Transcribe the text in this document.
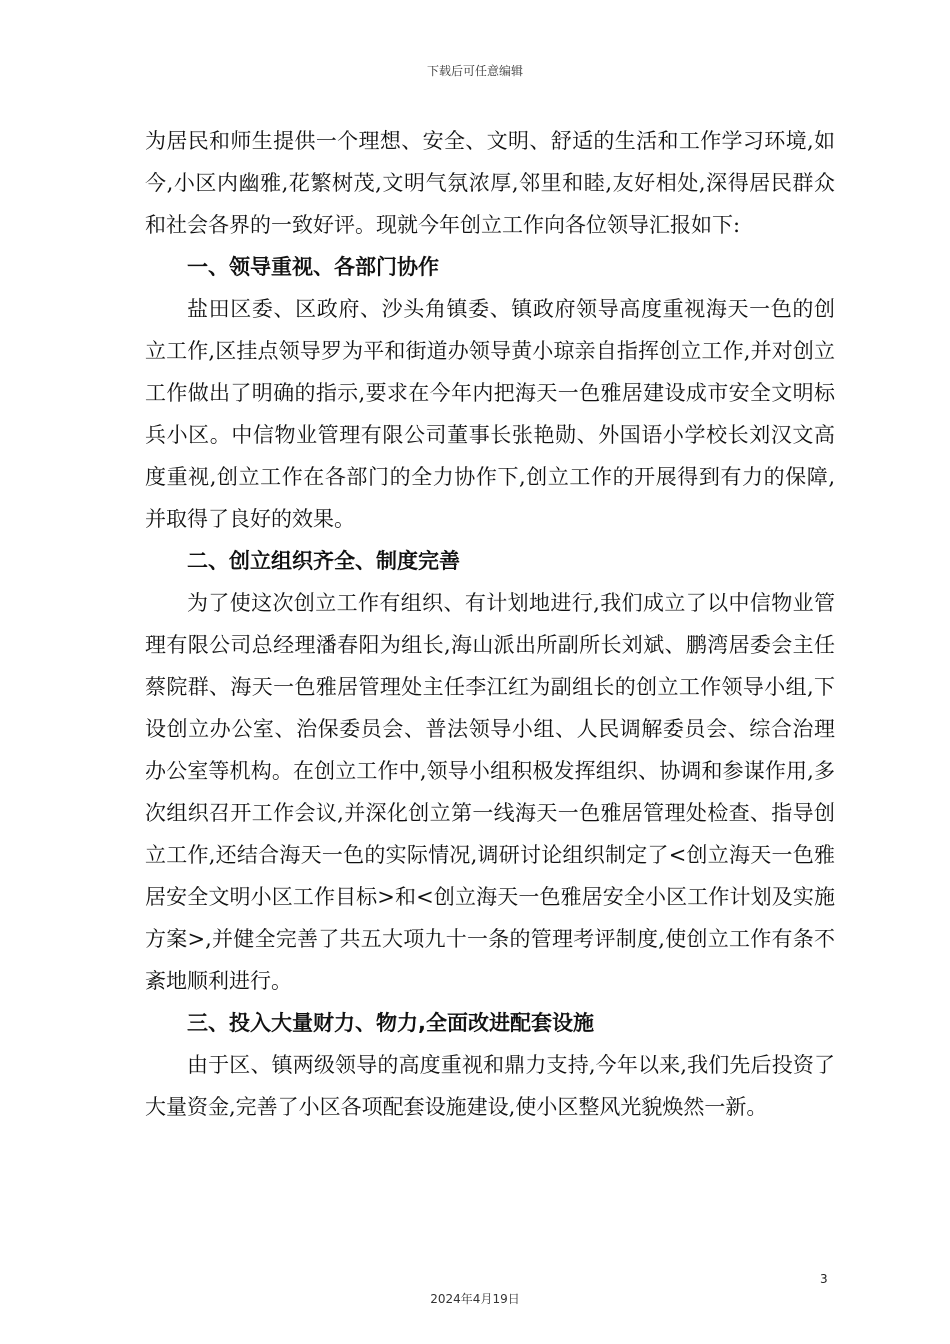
下载后可任意编辑

为居民和师生提供一个理想、安全、文明、舒适的生活和工作学习环境,如今,小区内幽雅,花繁树茂,文明气氛浓厚,邻里和睦,友好相处,深得居民群众和社会各界的一致好评。现就今年创立工作向各位领导汇报如下:

一、领导重视、各部门协作

盐田区委、区政府、沙头角镇委、镇政府领导高度重视海天一色的创立工作,区挂点领导罗为平和街道办领导黄小琼亲自指挥创立工作,并对创立工作做出了明确的指示,要求在今年内把海天一色雅居建设成市安全文明标兵小区。中信物业管理有限公司董事长张艳勋、外国语小学校长刘汉文高度重视,创立工作在各部门的全力协作下,创立工作的开展得到有力的保障,并取得了良好的效果。

二、创立组织齐全、制度完善

为了使这次创立工作有组织、有计划地进行,我们成立了以中信物业管理有限公司总经理潘春阳为组长,海山派出所副所长刘斌、鹏湾居委会主任蔡院群、海天一色雅居管理处主任李江红为副组长的创立工作领导小组,下设创立办公室、治保委员会、普法领导小组、人民调解委员会、综合治理办公室等机构。在创立工作中,领导小组积极发挥组织、协调和参谋作用,多次组织召开工作会议,并深化创立第一线海天一色雅居管理处检查、指导创立工作,还结合海天一色的实际情况,调研讨论组织制定了<创立海天一色雅居安全文明小区工作目标>和<创立海天一色雅居安全小区工作计划及实施方案>,并健全完善了共五大项九十一条的管理考评制度,使创立工作有条不紊地顺利进行。

三、投入大量财力、物力,全面改进配套设施

由于区、镇两级领导的高度重视和鼎力支持,今年以来,我们先后投资了大量资金,完善了小区各项配套设施建设,使小区整风光貌焕然一新。

3
2024年4月19日
